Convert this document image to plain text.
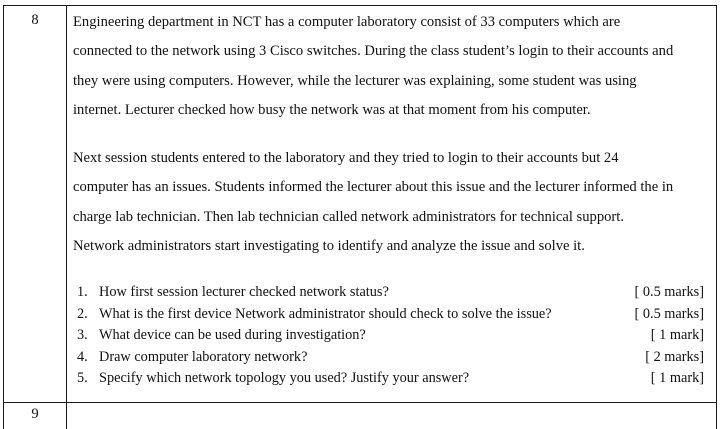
8	Engineering department in NCT has a computer laboratory consist of 33 computers which are
connected to the network using 3 Cisco switches. During the class student’s login to their accounts and
they were using computers. However, while the lecturer was explaining, some student was using
internet. Lecturer checked how busy the network was at that moment from his computer.
Next session students entered to the laboratory and they tried to login to their accounts but 24
computer has an issues. Students informed the lecturer about this issue and the lecturer informed the in
charge lab technician. Then lab technician called network administrators for technical support.
Network administrators start investigating to identify and analyze the issue and solve it.
1. How first session lecturer checked network status?	[ 0.5 marks]
2. What is the first device Network administrator should check to solve the issue?	[ 0.5 marks]
3. What device can be used during investigation?	[ 1 mark]
4. Draw computer laboratory network?	[ 2 marks]
5. Specify which network topology you used? Justify your answer?	[ 1 mark]
9
